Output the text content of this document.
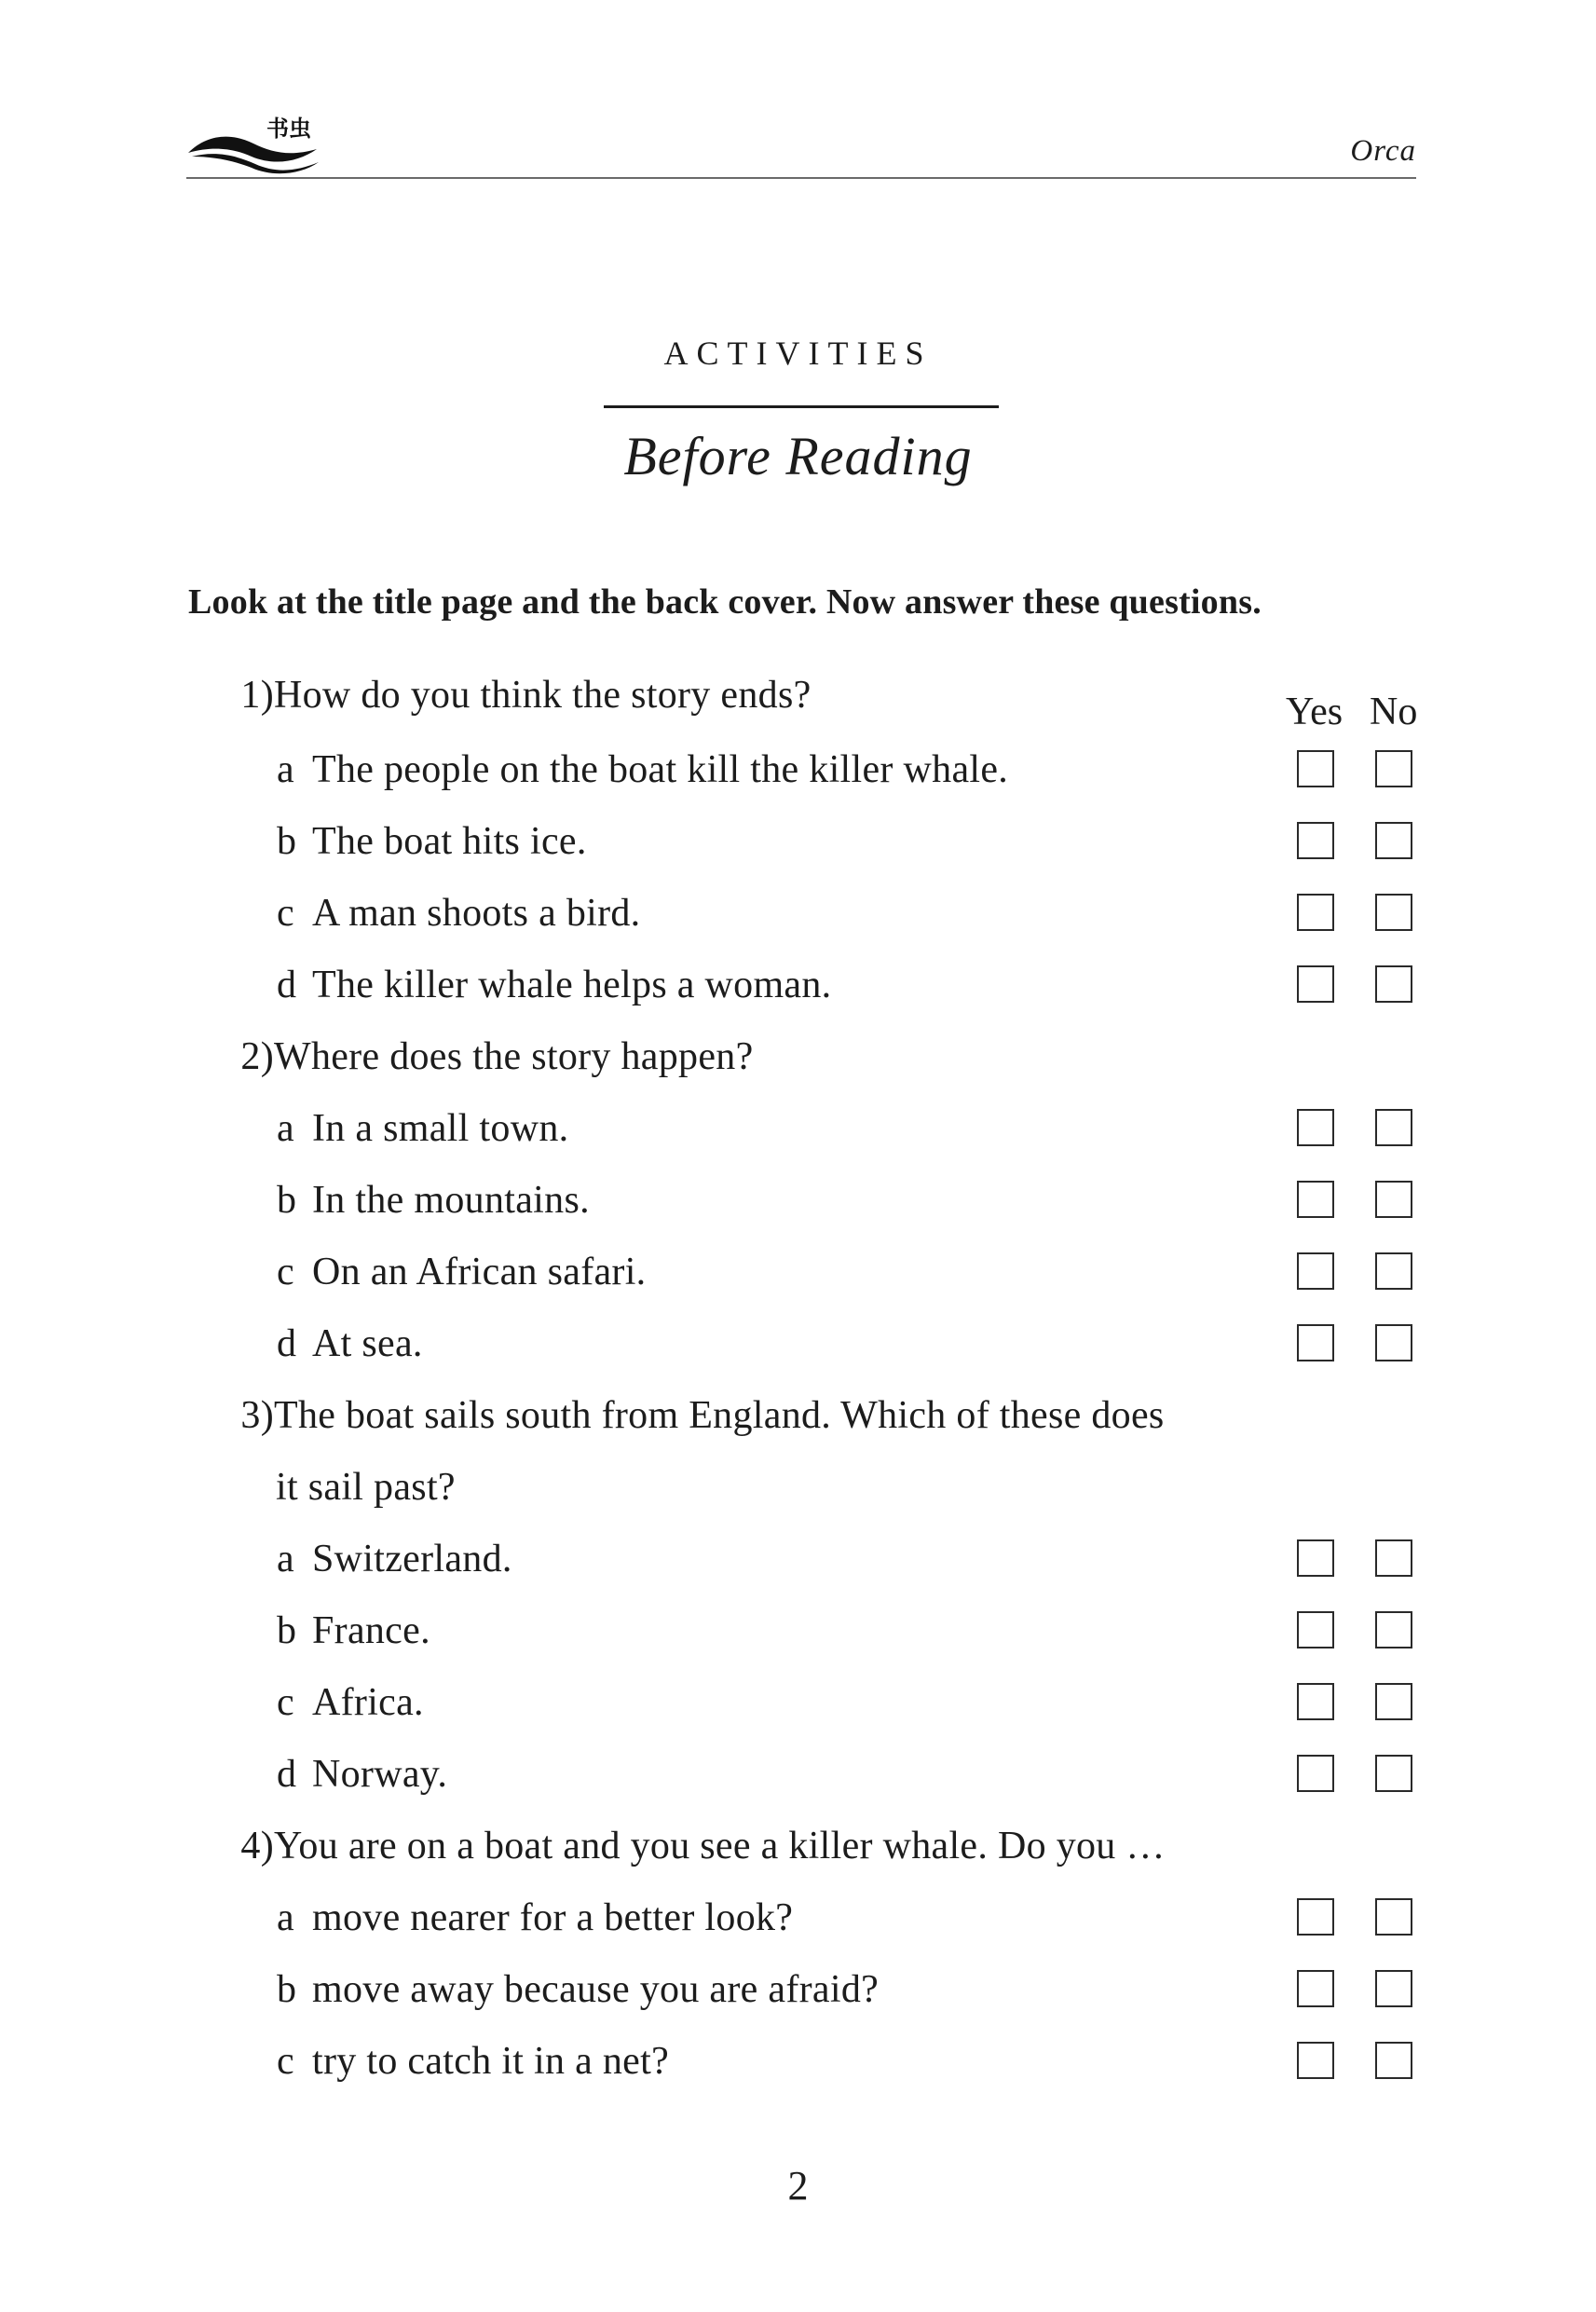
书虫
Orca
ACTIVITIES
Before Reading
Look at the title page and the back cover. Now answer these questions.
Yes No
1)How do you think the story ends?
a The people on the boat kill the killer whale.
b The boat hits ice.
c A man shoots a bird.
d The killer whale helps a woman.
2)Where does the story happen?
a In a small town.
b In the mountains.
c On an African safari.
d At sea.
3)The boat sails south from England. Which of these does
it sail past?
a Switzerland.
b France.
c Africa.
d Norway.
4)You are on a boat and you see a killer whale. Do you …
a move nearer for a better look?
b move away because you are afraid?
c try to catch it in a net?
2
